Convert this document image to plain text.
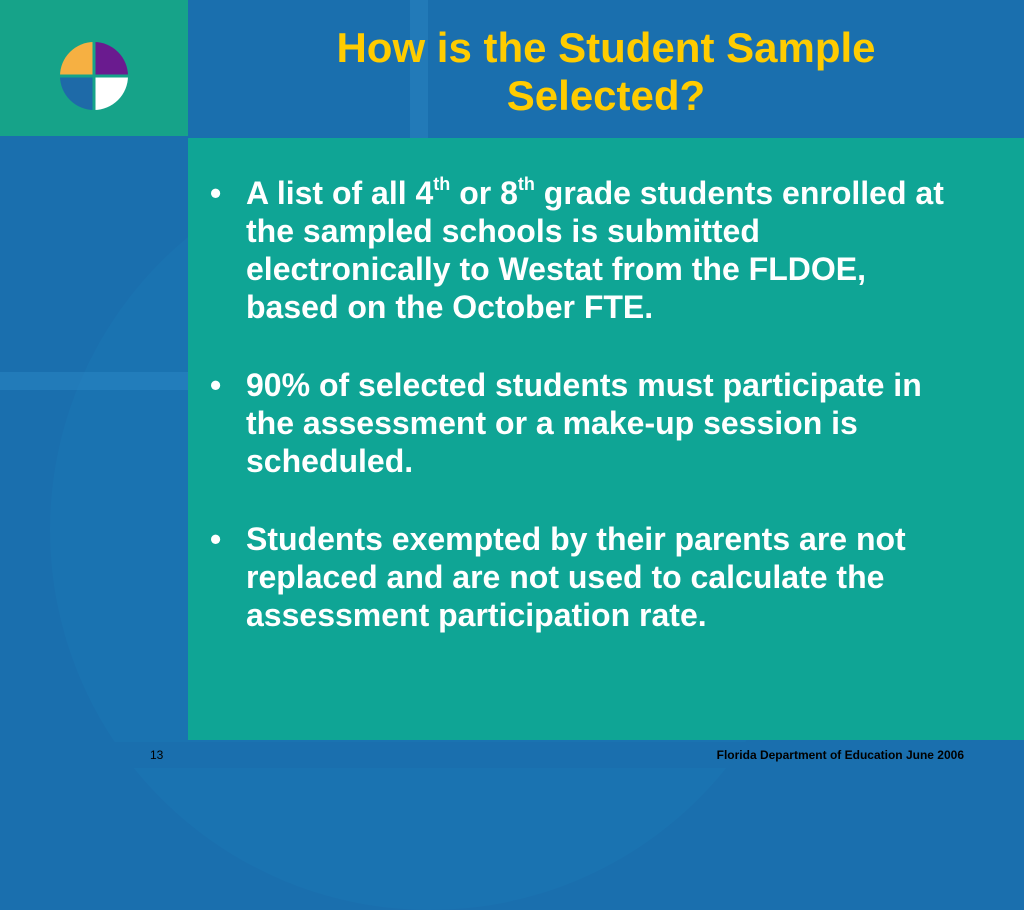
How is the Student Sample
Selected?
• A list of all 4th or 8th grade students enrolled at the sampled schools is submitted electronically to Westat from the FLDOE, based on the October FTE.
• 90% of selected students must participate in the assessment or a make-up session is scheduled.
• Students exempted by their parents are not replaced and are not used to calculate the assessment participation rate.
13	Florida Department of Education June 2006
